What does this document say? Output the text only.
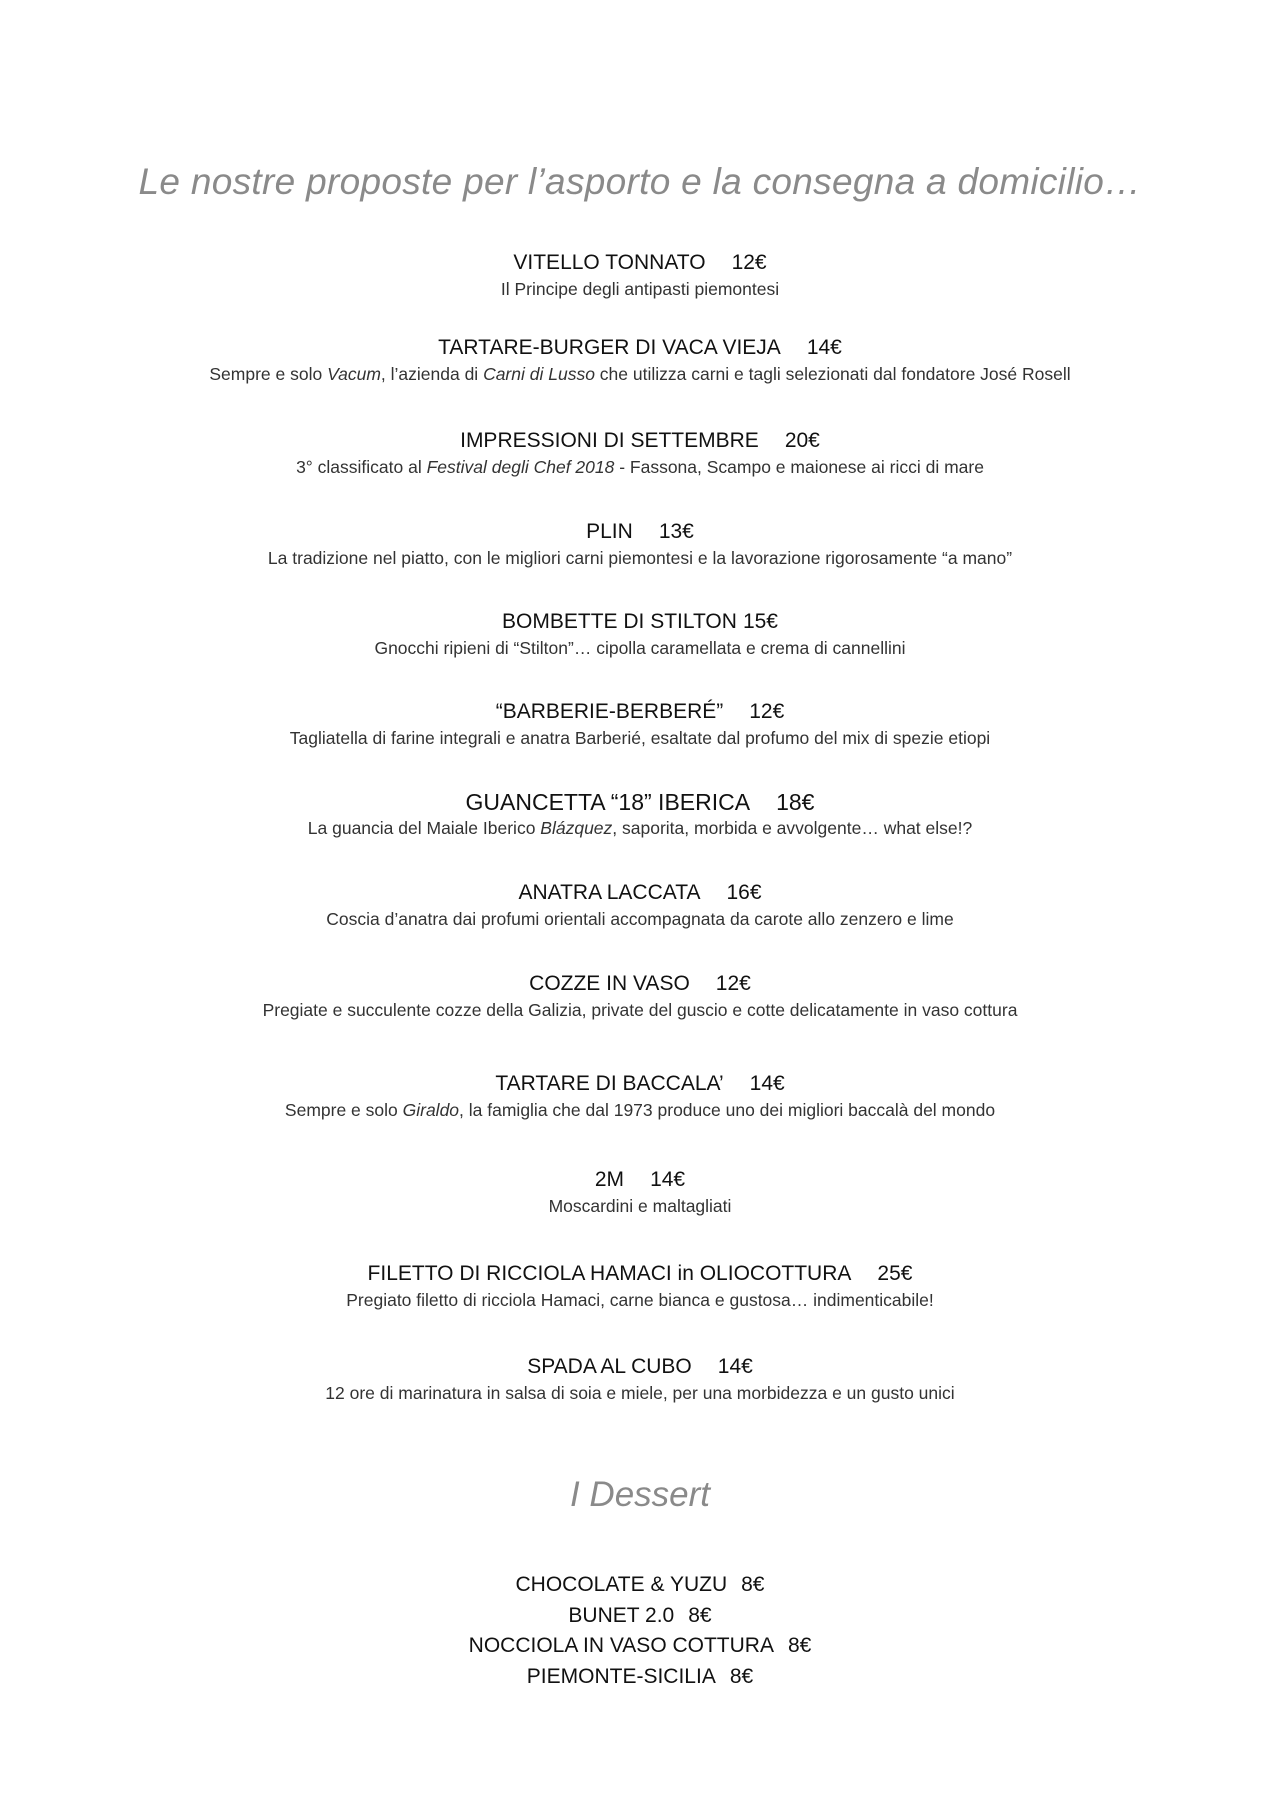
Le nostre proposte per l’asporto e la consegna a domicilio…
VITELLO TONNATO 12€
Il Principe degli antipasti piemontesi
TARTARE-BURGER DI VACA VIEJA 14€
Sempre e solo Vacum, l’azienda di Carni di Lusso che utilizza carni e tagli selezionati dal fondatore José Rosell
IMPRESSIONI DI SETTEMBRE 20€
3° classificato al Festival degli Chef 2018 - Fassona, Scampo e maionese ai ricci di mare
PLIN 13€
La tradizione nel piatto, con le migliori carni piemontesi e la lavorazione rigorosamente “a mano”
BOMBETTE DI STILTON 15€
Gnocchi ripieni di “Stilton”… cipolla caramellata e crema di cannellini
“BARBERIE-BERBERÉ” 12€
Tagliatella di farine integrali e anatra Barberié, esaltate dal profumo del mix di spezie etiopi
GUANCETTA “18” IBERICA 18€
La guancia del Maiale Iberico Blázquez, saporita, morbida e avvolgente… what else!?
ANATRA LACCATA 16€
Coscia d’anatra dai profumi orientali accompagnata da carote allo zenzero e lime
COZZE IN VASO 12€
Pregiate e succulente cozze della Galizia, private del guscio e cotte delicatamente in vaso cottura
TARTARE DI BACCALA’ 14€
Sempre e solo Giraldo, la famiglia che dal 1973 produce uno dei migliori baccalà del mondo
2M 14€
Moscardini e maltagliati
FILETTO DI RICCIOLA HAMACI in OLIOCOTTURA 25€
Pregiato filetto di ricciola Hamaci, carne bianca e gustosa… indimenticabile!
SPADA AL CUBO 14€
12 ore di marinatura in salsa di soia e miele, per una morbidezza e un gusto unici
I Dessert
CHOCOLATE & YUZU 8€
BUNET 2.0 8€
NOCCIOLA IN VASO COTTURA 8€
PIEMONTE-SICILIA 8€
